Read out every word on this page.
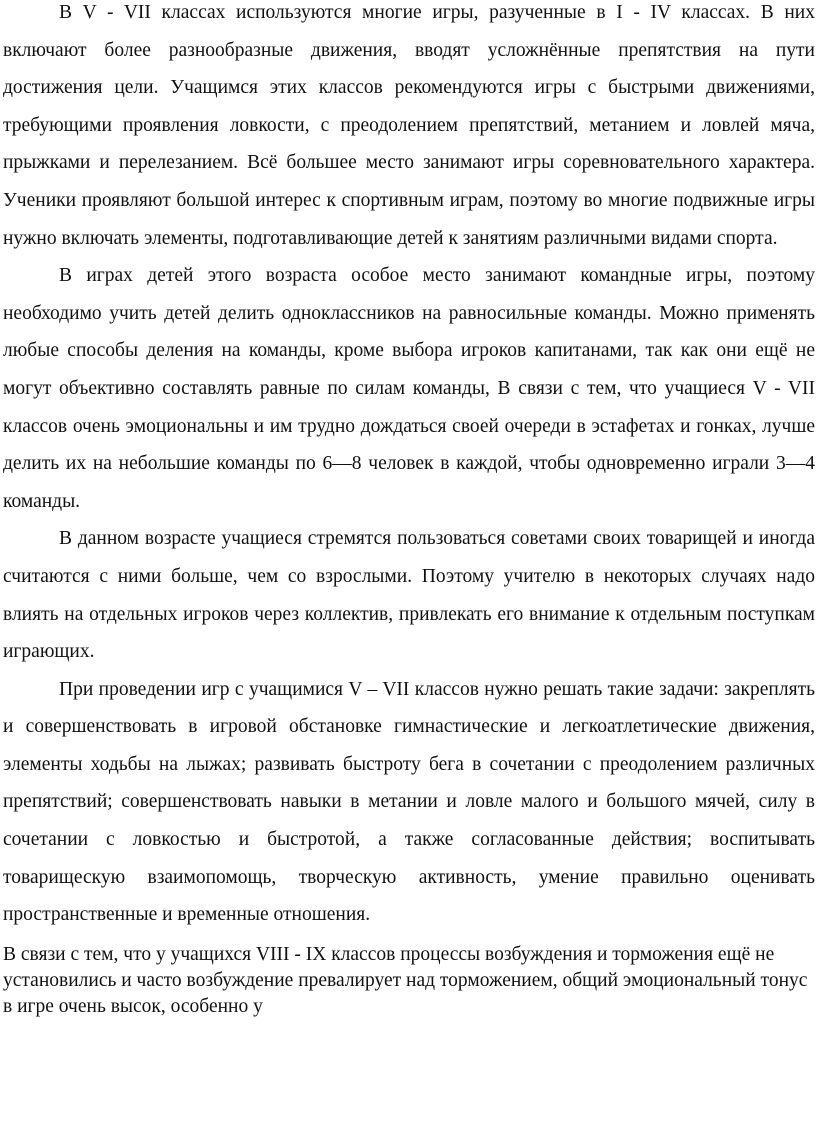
В V - VII классах используются многие игры, разученные в I - IV классах. В них включают более разнообразные движения, вводят усложнённые препятствия на пути достижения цели. Учащимся этих классов рекомендуются игры с быстрыми движениями, требующими проявления ловкости, с преодолением препятствий, метанием и ловлей мяча, прыжками и перелезанием. Всё большее место занимают игры соревновательного характера. Ученики проявляют большой интерес к спортивным играм, поэтому во многие подвижные игры нужно включать элементы, подготавливающие детей к занятиям различными видами спорта.

В играх детей этого возраста особое место занимают командные игры, поэтому необходимо учить детей делить одноклассников на равносильные команды. Можно применять любые способы деления на команды, кроме выбора игроков капитанами, так как они ещё не могут объективно составлять равные по силам команды, В связи с тем, что учащиеся V - VII классов очень эмоциональны и им трудно дождаться своей очереди в эстафетах и гонках, лучше делить их на небольшие команды по 6—8 человек в каждой, чтобы одновременно играли 3—4 команды.

В данном возрасте учащиеся стремятся пользоваться советами своих товарищей и иногда считаются с ними больше, чем со взрослыми. Поэтому учителю в некоторых случаях надо влиять на отдельных игроков через коллектив, привлекать его внимание к отдельным поступкам играющих.

При проведении игр с учащимися V – VII классов нужно решать такие задачи: закреплять и совершенствовать в игровой обстановке гимнастические и легкоатлетические движения, элементы ходьбы на лыжах; развивать быстроту бега в сочетании с преодолением различных препятствий; совершенствовать навыки в метании и ловле малого и большого мячей, силу в сочетании с ловкостью и быстротой, а также согласованные действия; воспитывать товарищескую взаимопомощь, творческую активность, умение правильно оценивать пространственные и временные отношения.

В связи с тем, что у учащихся VIII - IX классов процессы возбуждения и торможения ещё не установились и часто возбуждение превалирует над торможением, общий эмоциональный тонус в игре очень высок, особенно у
